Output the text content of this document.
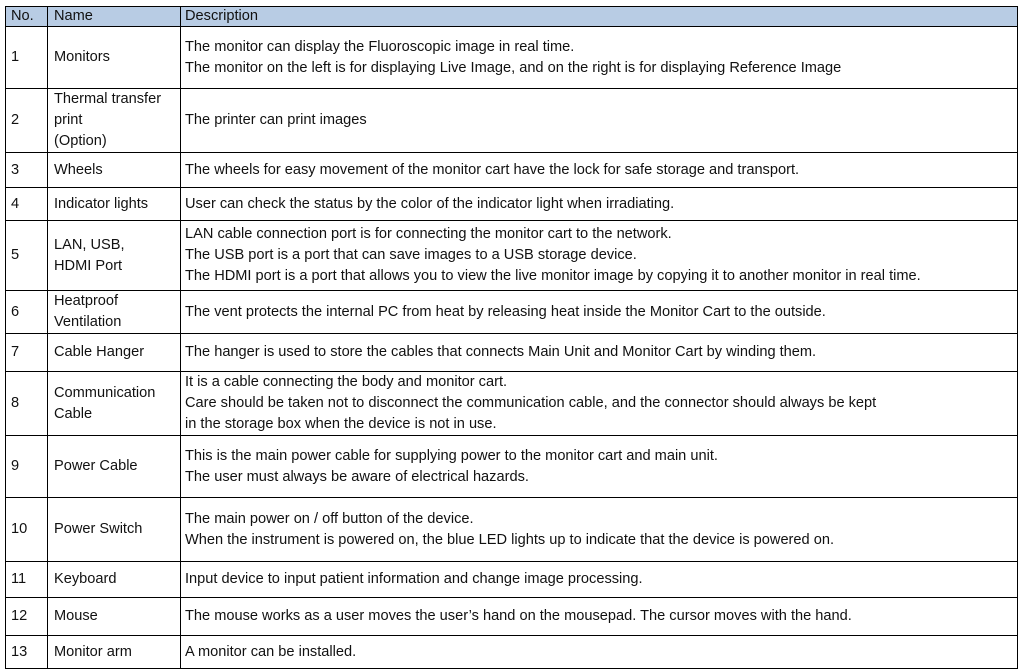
No.	Name	Description
1	Monitors	The monitor can display the Fluoroscopic image in real time.
The monitor on the left is for displaying Live Image, and on the right is for displaying Reference Image

2	Thermal transfer
print
(Option)	The printer can print images

3	Wheels	The wheels for easy movement of the monitor cart have the lock for safe storage and transport.

4	Indicator lights	User can check the status by the color of the indicator light when irradiating.

5	LAN, USB,
HDMI Port	LAN cable connection port is for connecting the monitor cart to the network.
The USB port is a port that can save images to a USB storage device.
The HDMI port is a port that allows you to view the live monitor image by copying it to another monitor in real time.

6	Heatproof
Ventilation	The vent protects the internal PC from heat by releasing heat inside the Monitor Cart to the outside.

7	Cable Hanger	The hanger is used to store the cables that connects Main Unit and Monitor Cart by winding them.

8	Communication
Cable	It is a cable connecting the body and monitor cart.
Care should be taken not to disconnect the communication cable, and the connector should always be kept
in the storage box when the device is not in use.

9	Power Cable	This is the main power cable for supplying power to the monitor cart and main unit.
The user must always be aware of electrical hazards.

10	Power Switch	The main power on / off button of the device.
When the instrument is powered on, the blue LED lights up to indicate that the device is powered on.

11	Keyboard	Input device to input patient information and change image processing.

12	Mouse	The mouse works as a user moves the user’s hand on the mousepad. The cursor moves with the hand.

13	Monitor arm	A monitor can be installed.
